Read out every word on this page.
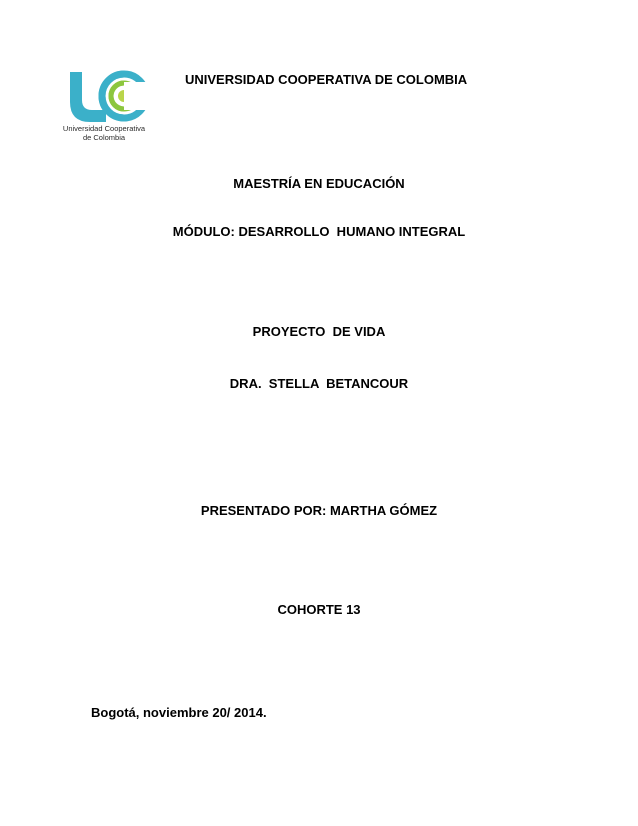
Universidad Cooperativa
de Colombia
UNIVERSIDAD COOPERATIVA DE COLOMBIA
MAESTRÍA EN EDUCACIÓN
MÓDULO: DESARROLLO  HUMANO INTEGRAL
PROYECTO  DE VIDA
DRA.  STELLA  BETANCOUR
PRESENTADO POR: MARTHA GÓMEZ
COHORTE 13
Bogotá, noviembre 20/ 2014.
